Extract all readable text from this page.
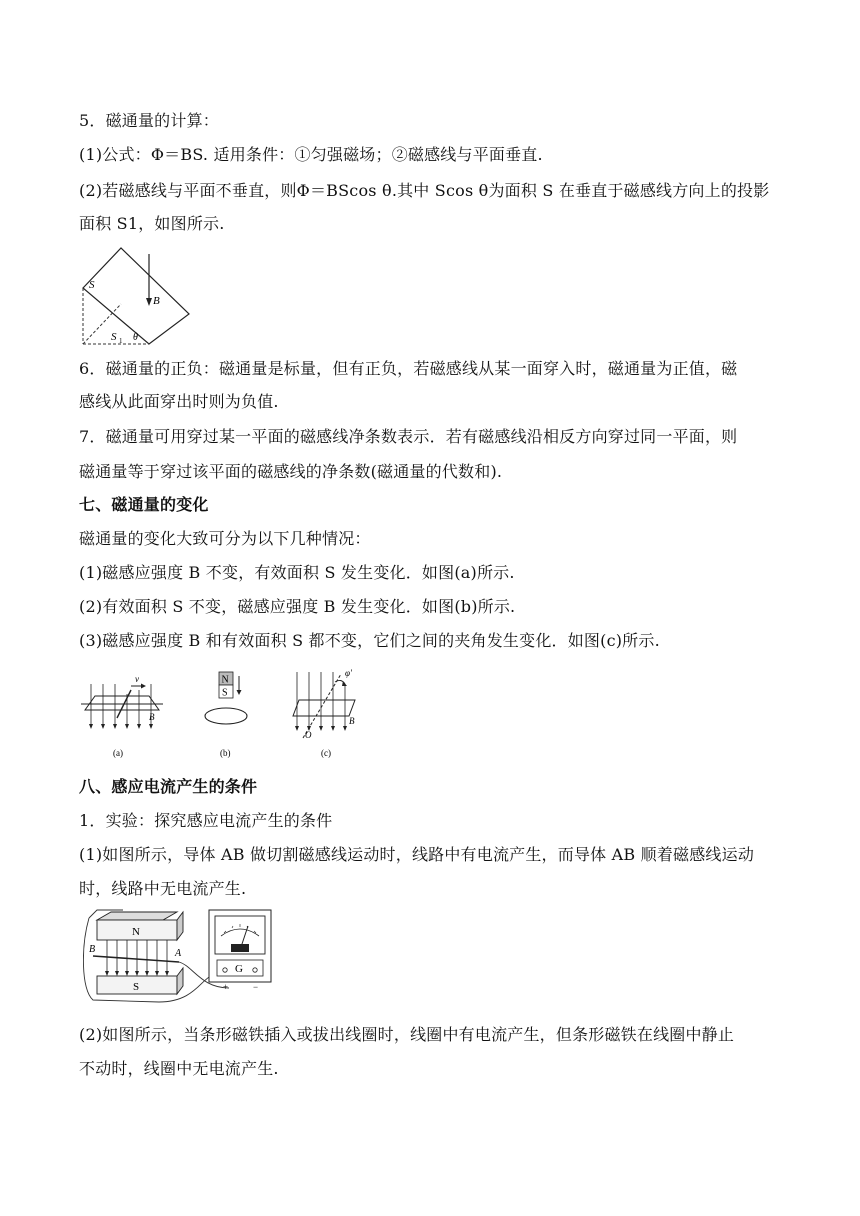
5．磁通量的计算：
(1)公式：Φ＝BS. 适用条件：①匀强磁场；②磁感线与平面垂直.
(2)若磁感线与平面不垂直，则Φ＝BScos θ.其中 Scos θ为面积 S 在垂直于磁感线方向上的投影
面积 S1，如图所示.
S
B
S 1 θ
6．磁通量的正负：磁通量是标量，但有正负，若磁感线从某一面穿入时，磁通量为正值，磁
感线从此面穿出时则为负值.
7．磁通量可用穿过某一平面的磁感线净条数表示．若有磁感线沿相反方向穿过同一平面，则
磁通量等于穿过该平面的磁感线的净条数(磁通量的代数和).
七、磁通量的变化
磁通量的变化大致可分为以下几种情况：
(1)磁感应强度 B 不变，有效面积 S 发生变化．如图(a)所示.
(2)有效面积 S 不变，磁感应强度 B 发生变化．如图(b)所示.
(3)磁感应强度 B 和有效面积 S 都不变，它们之间的夹角发生变化．如图(c)所示.
v
B
(a)
N
S
(b)
φ'
B
O
(c)
八、感应电流产生的条件
1．实验：探究感应电流产生的条件
(1)如图所示，导体 AB 做切割磁感线运动时，线路中有电流产生，而导体 AB 顺着磁感线运动
时，线路中无电流产生.
N
S
B	A
G
+	−
(2)如图所示，当条形磁铁插入或拔出线圈时，线圈中有电流产生，但条形磁铁在线圈中静止
不动时，线圈中无电流产生.
